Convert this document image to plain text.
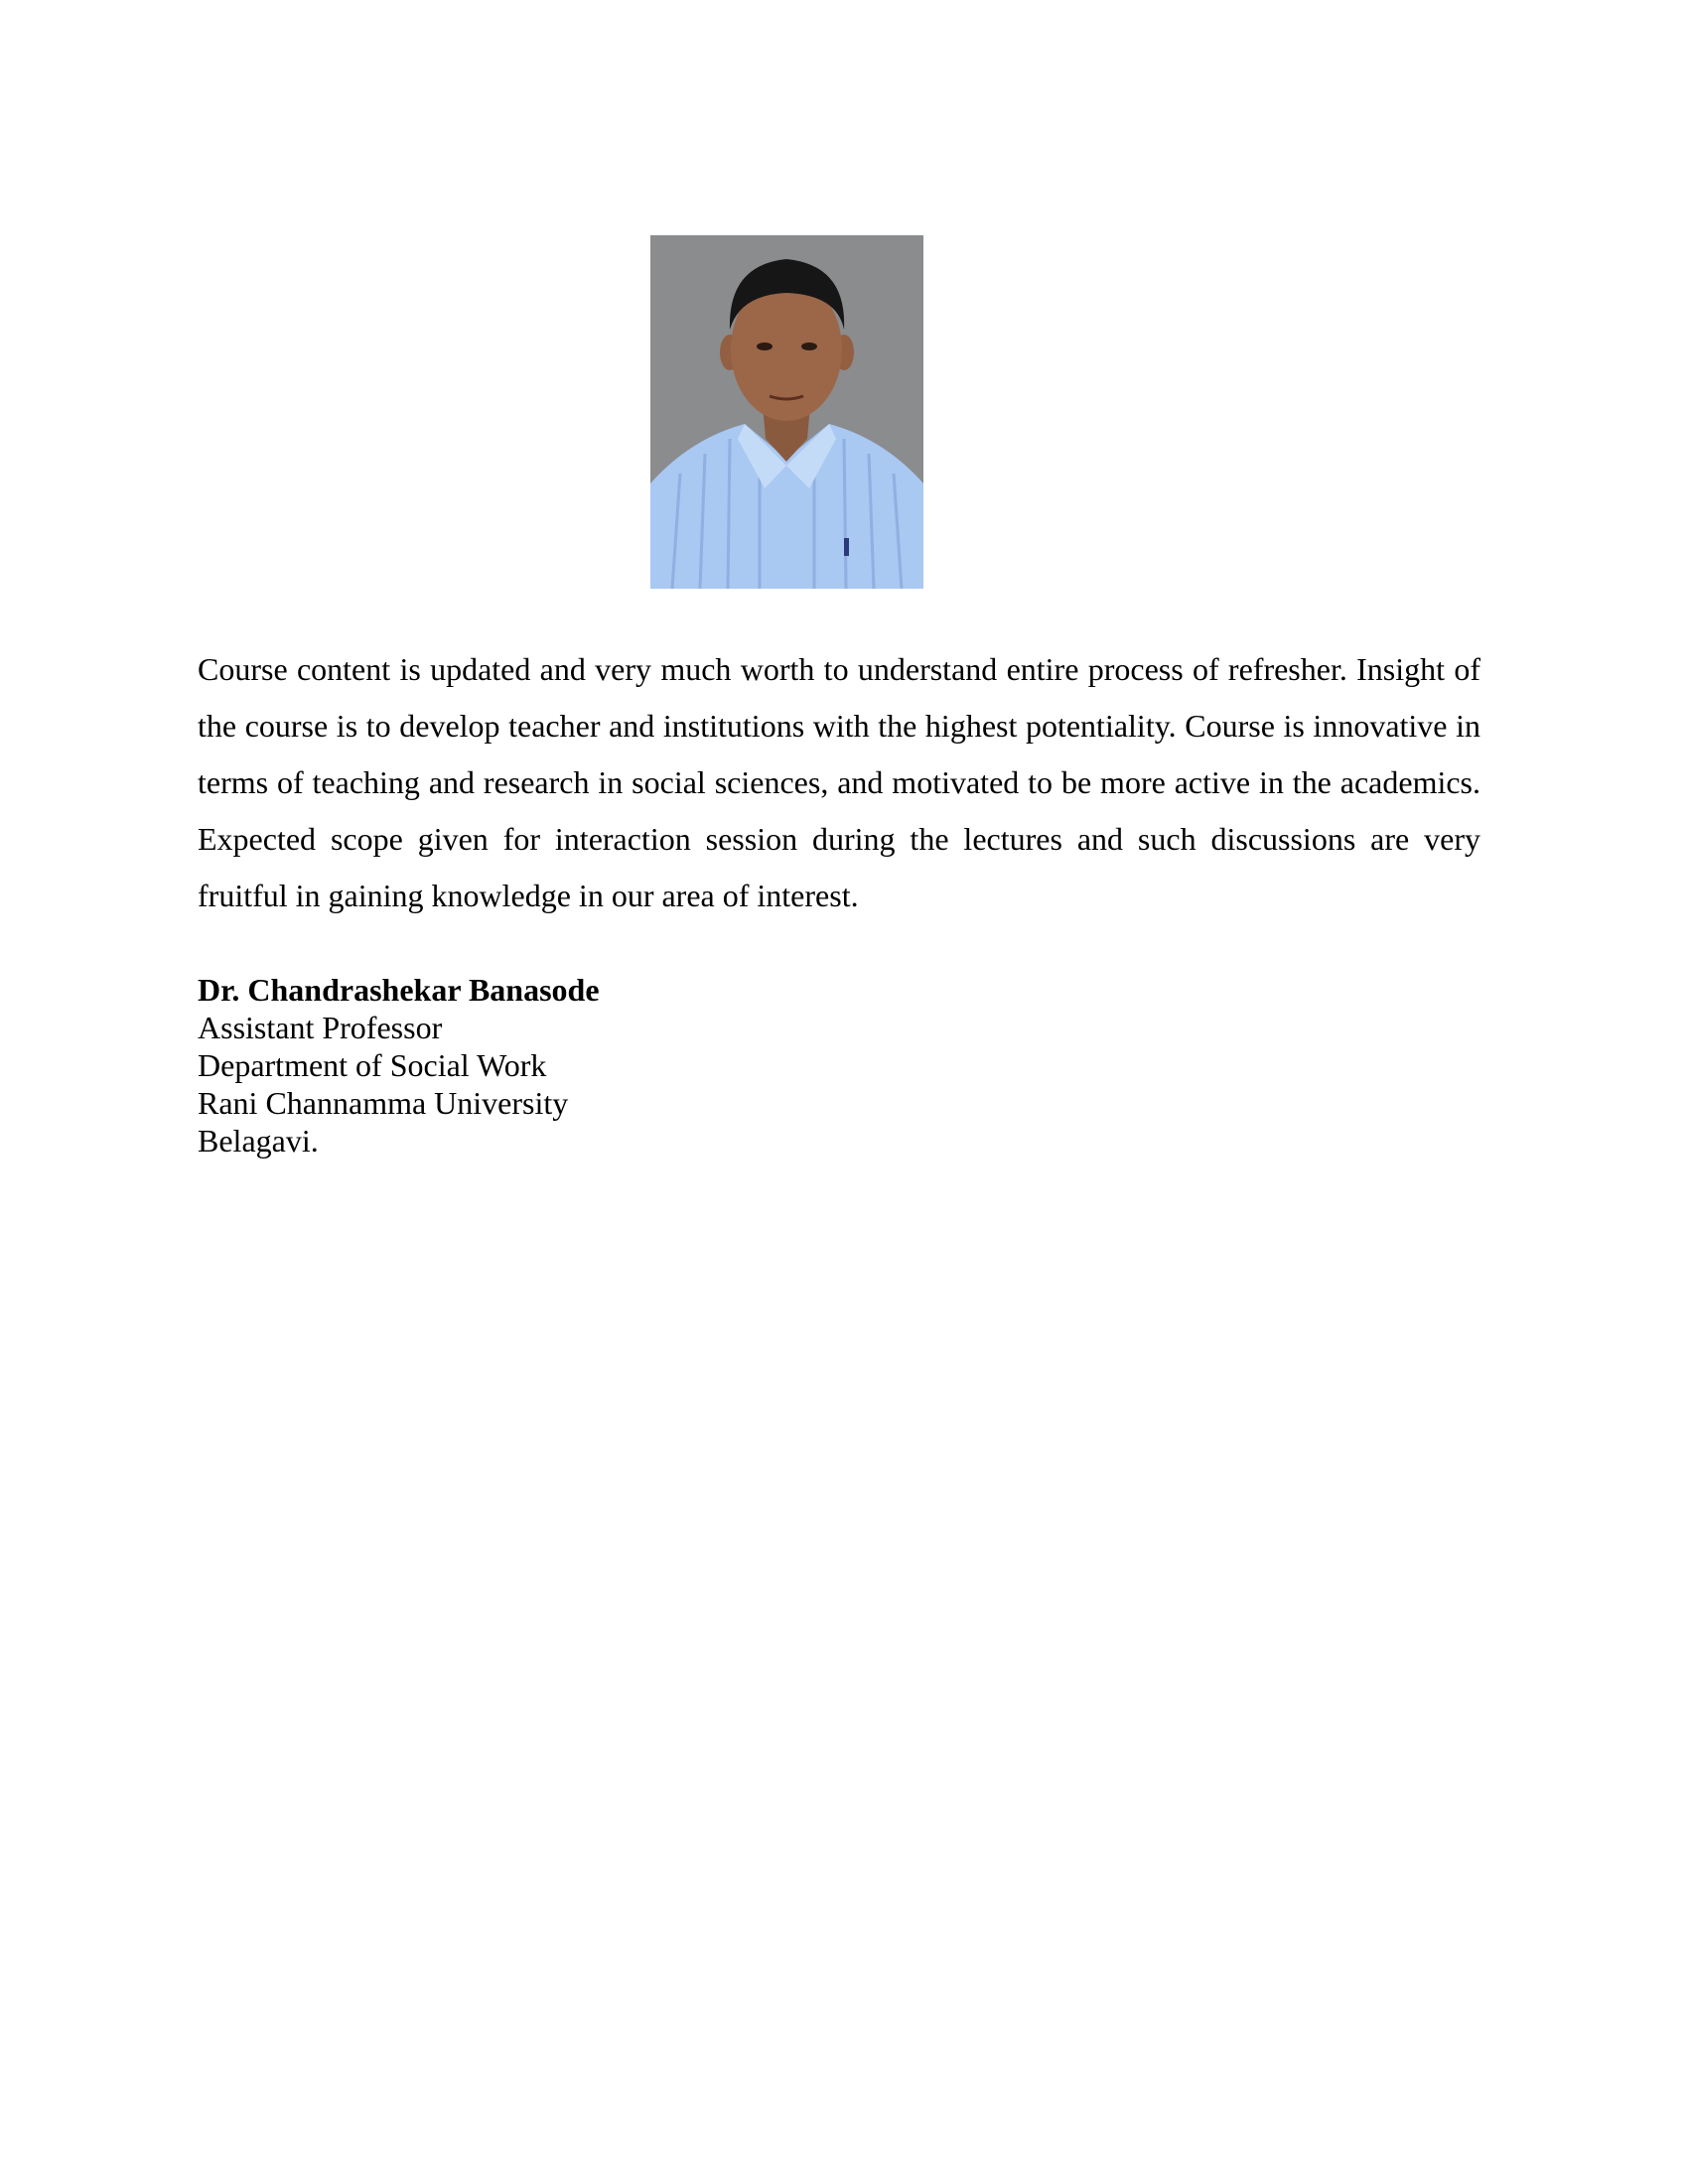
Course content is updated and very much worth to understand entire process of refresher. Insight of the course is to develop teacher and institutions with the highest potentiality. Course is innovative in terms of teaching and research in social sciences, and motivated to be more active in the academics. Expected scope given for interaction session during the lectures and such discussions are very fruitful in gaining knowledge in our area of interest.

Dr. Chandrashekar Banasode
Assistant Professor
Department of Social Work
Rani Channamma University
Belagavi.
